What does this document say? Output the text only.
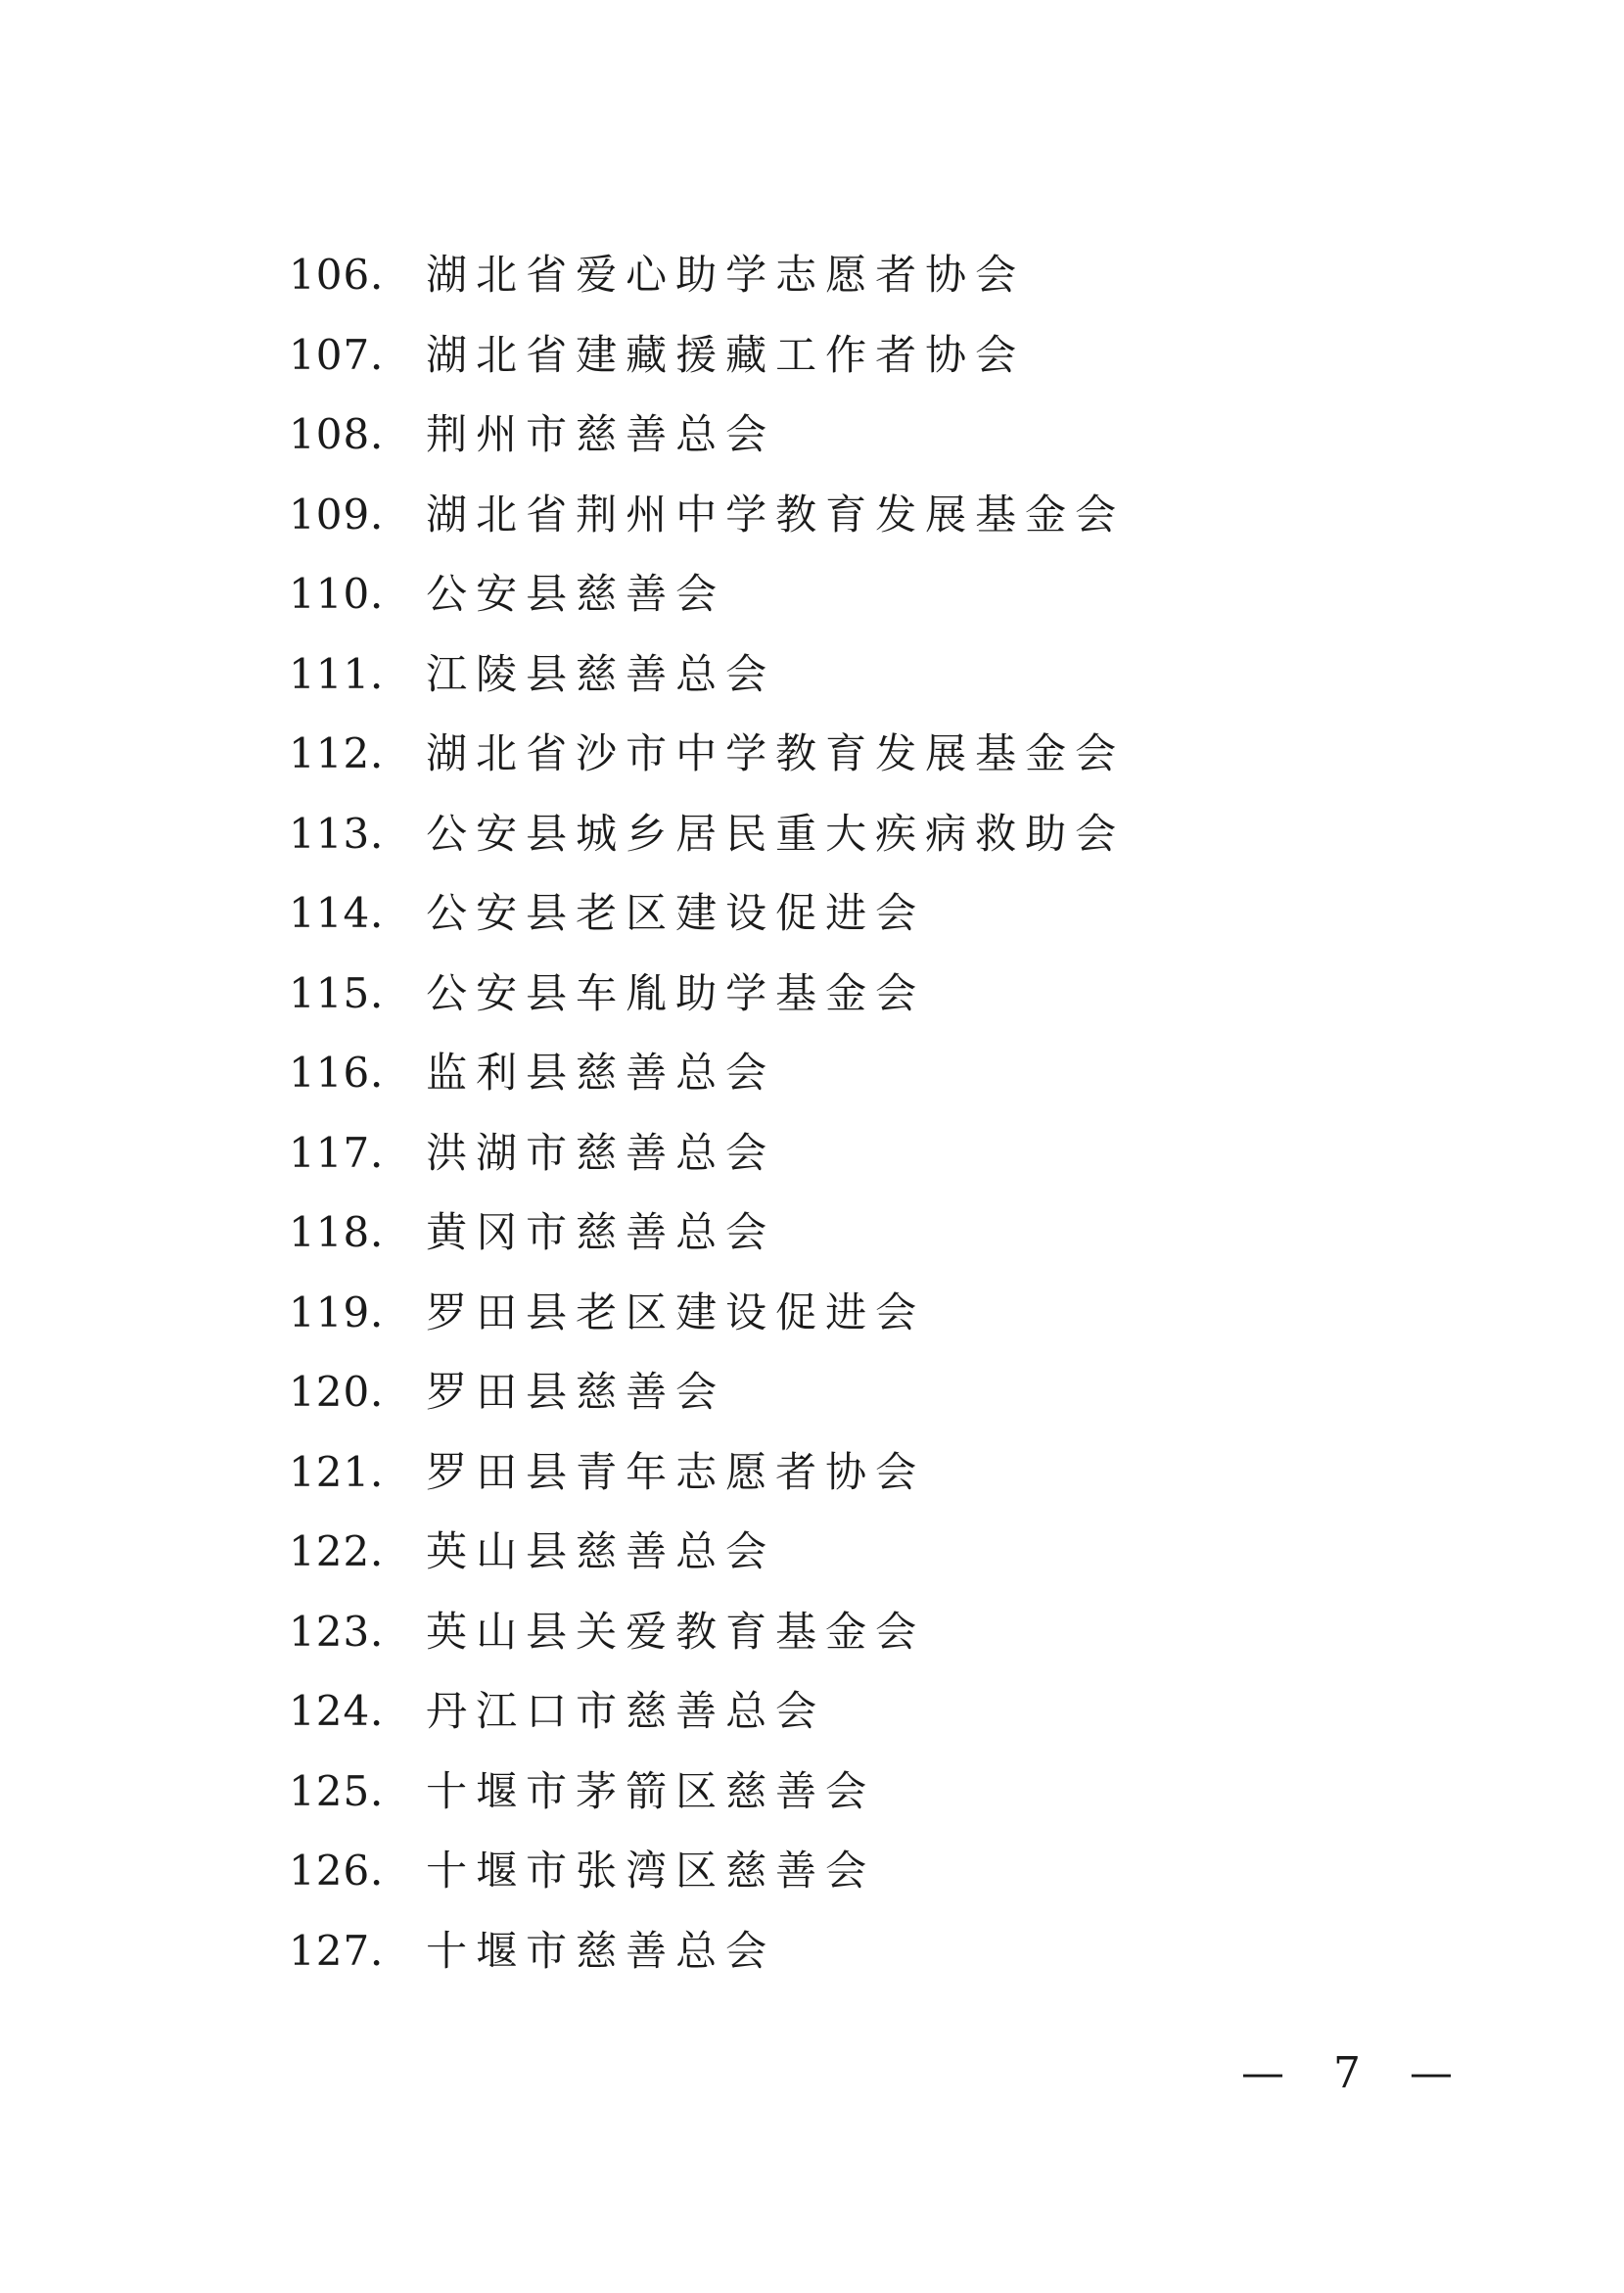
106． 湖北省爱心助学志愿者协会
107． 湖北省建藏援藏工作者协会
108． 荆州市慈善总会
109． 湖北省荆州中学教育发展基金会
110． 公安县慈善会
111． 江陵县慈善总会
112． 湖北省沙市中学教育发展基金会
113． 公安县城乡居民重大疾病救助会
114． 公安县老区建设促进会
115． 公安县车胤助学基金会
116． 监利县慈善总会
117． 洪湖市慈善总会
118． 黄冈市慈善总会
119． 罗田县老区建设促进会
120． 罗田县慈善会
121． 罗田县青年志愿者协会
122． 英山县慈善总会
123． 英山县关爱教育基金会
124． 丹江口市慈善总会
125． 十堰市茅箭区慈善会
126． 十堰市张湾区慈善会
127． 十堰市慈善总会
— 7 —
